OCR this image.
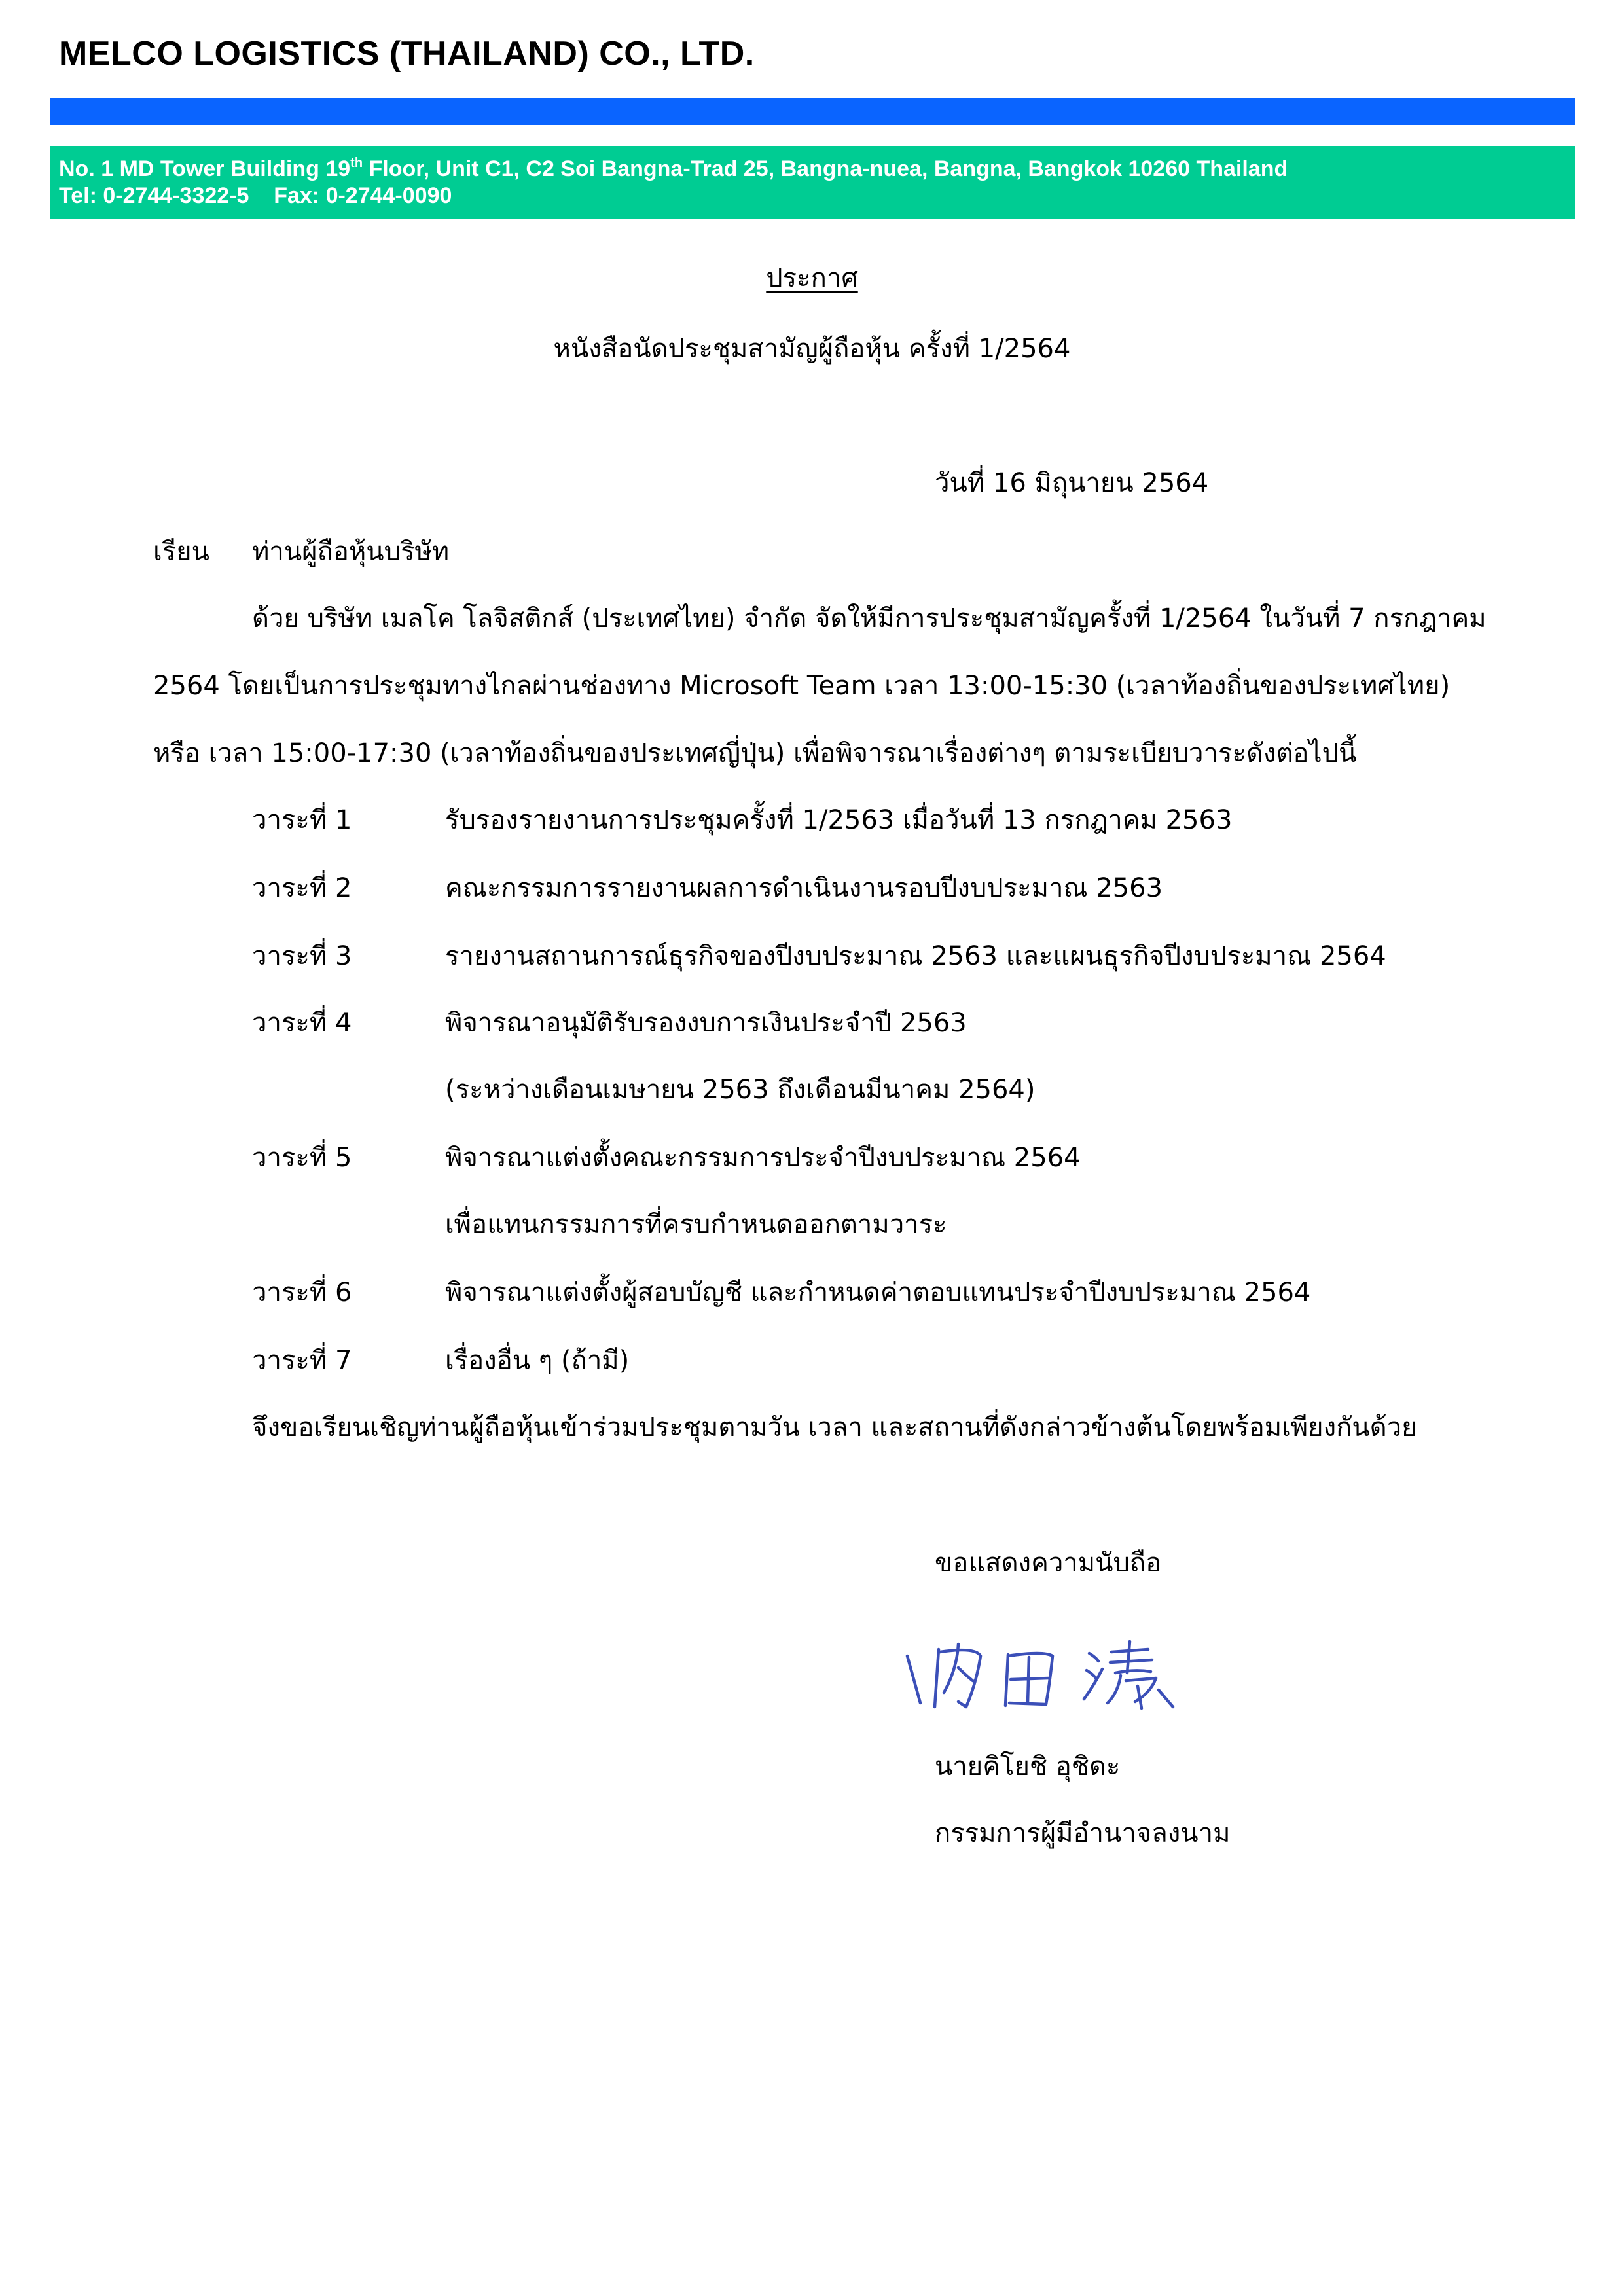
MELCO LOGISTICS (THAILAND) CO., LTD.
No. 1 MD Tower Building 19th Floor, Unit C1, C2 Soi Bangna-Trad 25, Bangna-nuea, Bangna, Bangkok 10260 Thailand
Tel: 0-2744-3322-5    Fax: 0-2744-0090
ประกาศ
หนังสือนัดประชุมสามัญผู้ถือหุ้น ครั้งที่ 1/2564
วันที่ 16 มิถุนายน 2564
เรียน ท่านผู้ถือหุ้นบริษัท
ด้วย บริษัท เมลโค โลจิสติกส์ (ประเทศไทย) จำกัด จัดให้มีการประชุมสามัญครั้งที่ 1/2564 ในวันที่ 7 กรกฎาคม
2564 โดยเป็นการประชุมทางไกลผ่านช่องทาง Microsoft Team เวลา 13:00-15:30 (เวลาท้องถิ่นของประเทศไทย)
หรือ เวลา 15:00-17:30 (เวลาท้องถิ่นของประเทศญี่ปุ่น) เพื่อพิจารณาเรื่องต่างๆ ตามระเบียบวาระดังต่อไปนี้
วาระที่ 1	รับรองรายงานการประชุมครั้งที่ 1/2563 เมื่อวันที่ 13 กรกฎาคม 2563
วาระที่ 2	คณะกรรมการรายงานผลการดำเนินงานรอบปีงบประมาณ 2563
วาระที่ 3	รายงานสถานการณ์ธุรกิจของปีงบประมาณ 2563 และแผนธุรกิจปีงบประมาณ 2564
วาระที่ 4	พิจารณาอนุมัติรับรองงบการเงินประจำปี 2563
(ระหว่างเดือนเมษายน 2563 ถึงเดือนมีนาคม 2564)
วาระที่ 5	พิจารณาแต่งตั้งคณะกรรมการประจำปีงบประมาณ 2564
เพื่อแทนกรรมการที่ครบกำหนดออกตามวาระ
วาระที่ 6	พิจารณาแต่งตั้งผู้สอบบัญชี และกำหนดค่าตอบแทนประจำปีงบประมาณ 2564
วาระที่ 7	เรื่องอื่น ๆ (ถ้ามี)
จึงขอเรียนเชิญท่านผู้ถือหุ้นเข้าร่วมประชุมตามวัน เวลา และสถานที่ดังกล่าวข้างต้นโดยพร้อมเพียงกันด้วย
ขอแสดงความนับถือ
นายคิโยชิ อุชิดะ
กรรมการผู้มีอำนาจลงนาม
